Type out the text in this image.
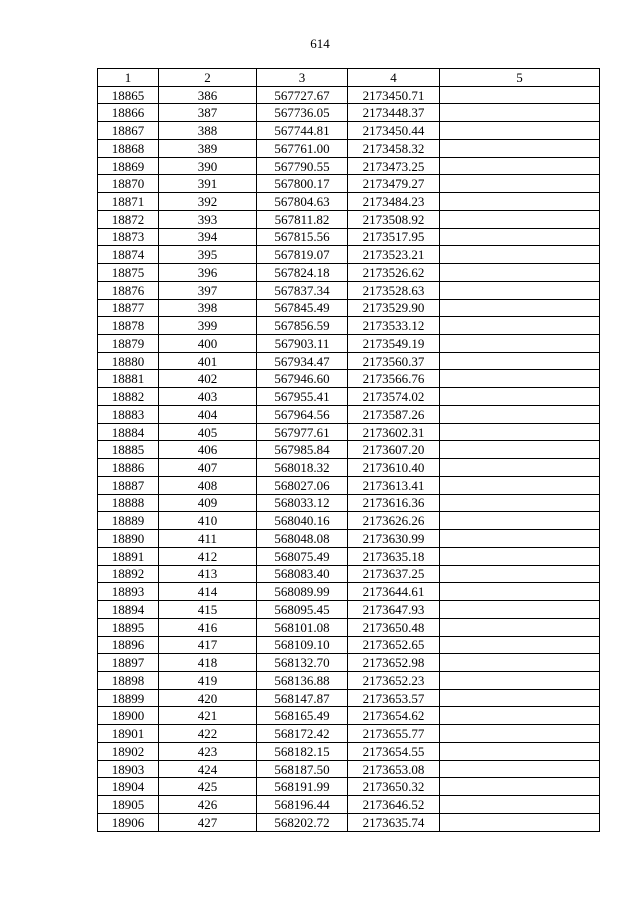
614
1	2	3	4	5
18865	386	567727.67	2173450.71	
18866	387	567736.05	2173448.37	
18867	388	567744.81	2173450.44	
18868	389	567761.00	2173458.32	
18869	390	567790.55	2173473.25	
18870	391	567800.17	2173479.27	
18871	392	567804.63	2173484.23	
18872	393	567811.82	2173508.92	
18873	394	567815.56	2173517.95	
18874	395	567819.07	2173523.21	
18875	396	567824.18	2173526.62	
18876	397	567837.34	2173528.63	
18877	398	567845.49	2173529.90	
18878	399	567856.59	2173533.12	
18879	400	567903.11	2173549.19	
18880	401	567934.47	2173560.37	
18881	402	567946.60	2173566.76	
18882	403	567955.41	2173574.02	
18883	404	567964.56	2173587.26	
18884	405	567977.61	2173602.31	
18885	406	567985.84	2173607.20	
18886	407	568018.32	2173610.40	
18887	408	568027.06	2173613.41	
18888	409	568033.12	2173616.36	
18889	410	568040.16	2173626.26	
18890	411	568048.08	2173630.99	
18891	412	568075.49	2173635.18	
18892	413	568083.40	2173637.25	
18893	414	568089.99	2173644.61	
18894	415	568095.45	2173647.93	
18895	416	568101.08	2173650.48	
18896	417	568109.10	2173652.65	
18897	418	568132.70	2173652.98	
18898	419	568136.88	2173652.23	
18899	420	568147.87	2173653.57	
18900	421	568165.49	2173654.62	
18901	422	568172.42	2173655.77	
18902	423	568182.15	2173654.55	
18903	424	568187.50	2173653.08	
18904	425	568191.99	2173650.32	
18905	426	568196.44	2173646.52	
18906	427	568202.72	2173635.74	
